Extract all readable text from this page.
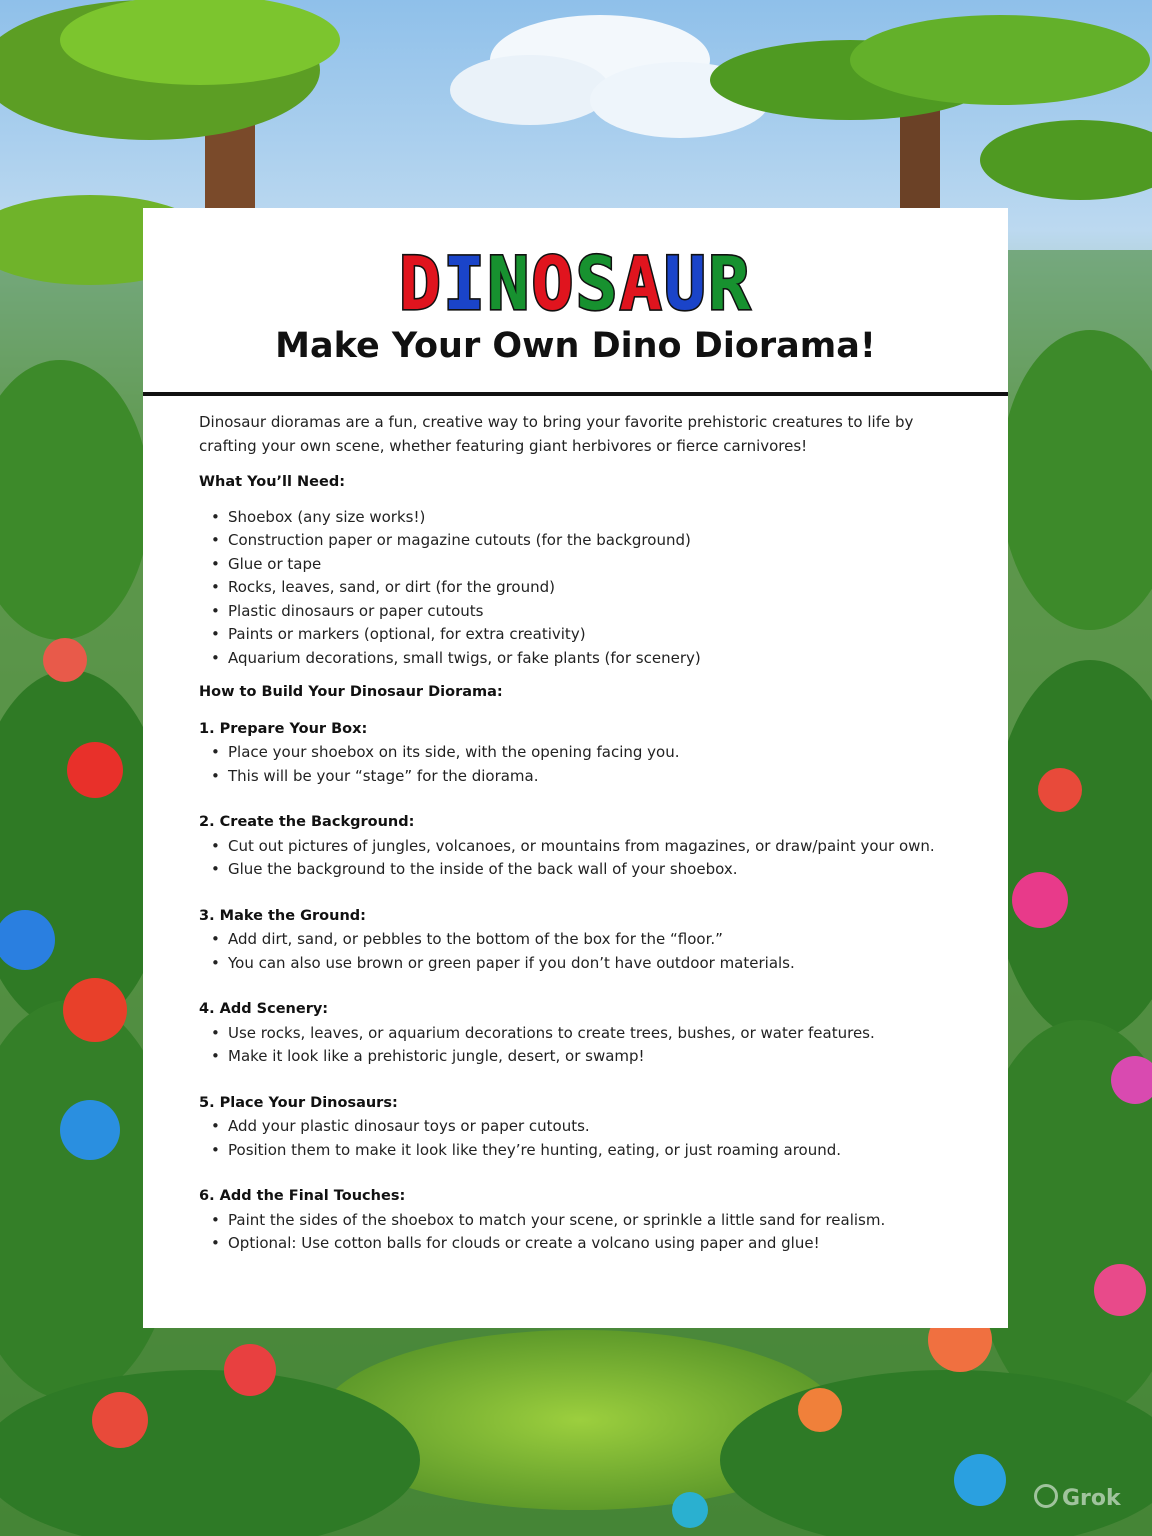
DINOSAUR
Make Your Own Dino Diorama!

Dinosaur dioramas are a fun, creative way to bring your favorite prehistoric creatures to life by crafting your own scene, whether featuring giant herbivores or fierce carnivores!

What You’ll Need:

• Shoebox (any size works!)
• Construction paper or magazine cutouts (for the background)
• Glue or tape
• Rocks, leaves, sand, or dirt (for the ground)
• Plastic dinosaurs or paper cutouts
• Paints or markers (optional, for extra creativity)
• Aquarium decorations, small twigs, or fake plants (for scenery)

How to Build Your Dinosaur Diorama:

1. Prepare Your Box:

• Place your shoebox on its side, with the opening facing you.
• This will be your “stage” for the diorama.

2. Create the Background:

• Cut out pictures of jungles, volcanoes, or mountains from magazines, or draw/paint your own.
• Glue the background to the inside of the back wall of your shoebox.

3. Make the Ground:

• Add dirt, sand, or pebbles to the bottom of the box for the “floor.”
• You can also use brown or green paper if you don’t have outdoor materials.

4. Add Scenery:

• Use rocks, leaves, or aquarium decorations to create trees, bushes, or water features.
• Make it look like a prehistoric jungle, desert, or swamp!

5. Place Your Dinosaurs:

• Add your plastic dinosaur toys or paper cutouts.
• Position them to make it look like they’re hunting, eating, or just roaming around.

6. Add the Final Touches:

• Paint the sides of the shoebox to match your scene, or sprinkle a little sand for realism.
• Optional: Use cotton balls for clouds or create a volcano using paper and glue!
Grok
